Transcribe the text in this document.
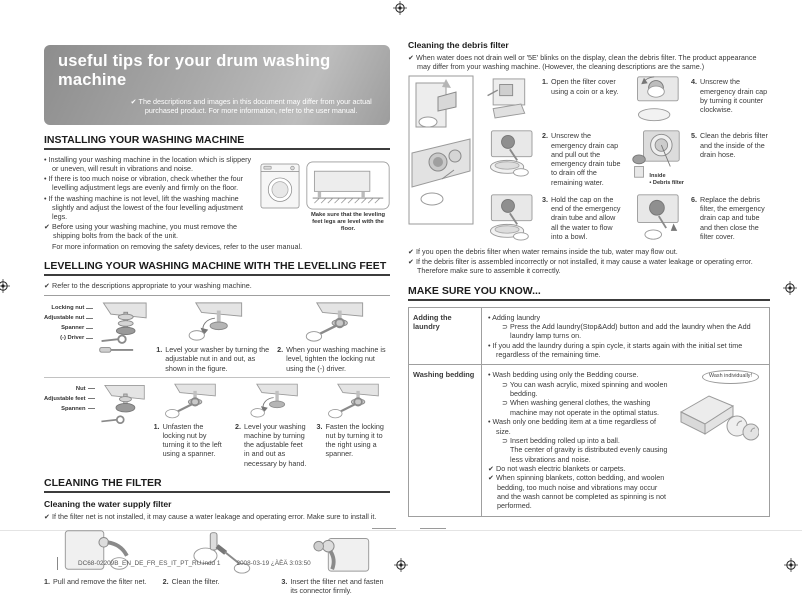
useful tips for your drum washing machine
✔ The descriptions and images in this document may differ from your actual purchased product. For more information, refer to the user manual.
INSTALLING YOUR WASHING MACHINE
• Installing your washing machine in the location which is slippery or uneven, will result in vibrations and noise.
• If there is too much noise or vibration, check whether the four levelling adjustment legs are evenly and firmly on the floor.
• If the washing machine is not level, lift the washing machine slightly and adjust the lowest of the four levelling adjustment legs.
✔ Before using your washing machine, you must remove the shipping bolts from the back of the unit.
Make sure that the leveling feet legs are level with the floor.
For more information on removing the safety devices, refer to the user manual.
LEVELLING YOUR WASHING MACHINE WITH THE LEVELLING FEET
✔ Refer to the descriptions appropriate to your washing machine.
Locking nut
Adjustable nut
Spanner
(-) Driver
1. Level your washer by turning the adjustable nut in and out, as shown in the figure.
2. When your washing machine is level, tighten the locking nut using the (-) driver.
Nut
Adjustable feet
Spannen
1. Unfasten the locking nut by turning it to the left using a spanner.
2. Level your washing machine by turning the adjustable feet in and out as necessary by hand.
3. Fasten the locking nut by turning it to the right using a spanner.
CLEANING THE FILTER
Cleaning the water supply filter
✔ If the filter net is not installed, it may cause a water leakage and operating error. Make sure to install it.
1. Pull and remove the filter net. 2. Clean the filter.	3. Insert the filter net and fasten its connector firmly.
Cleaning the debris filter
✔ When water does not drain well or '5E' blinks on the display, clean the debris filter. The product appearance may differ from your washing machine. (However, the cleaning descriptions are the same.)
1. Open the filter cover using a coin or a key.
4. Unscrew the emergency drain cap by turning it counter clockwise.
2. Unscrew the emergency drain cap and pull out the emergency drain tube to drain off the remaining water.
Inside
• Debris filter
5. Clean the debris filter and the inside of the drain hose.
3. Hold the cap on the end of the emergency drain tube and allow all the water to flow into a bowl.
6. Replace the debris filter, the emergency drain cap and tube and then close the filter cover.
✔ If you open the debris filter when water remains inside the tub, water may flow out.
✔ If the debris filter is assembled incorrectly or not installed, it may cause a water leakage or operating error. Therefore make sure to assemble it correctly.
MAKE SURE YOU KNOW...
Adding the laundry
• Adding laundry
⊃ Press the Add laundry(Stop&Add) button and add the laundry when the Add laundry lamp turns on.
• If you add the laundry during a spin cycle, it starts again with the initial set time regardless of the remaining time.
Washing bedding	• Wash bedding using only the Bedding course.
⊃ You can wash acrylic, mixed spinning and woolen bedding.
⊃ When washing general clothes, the washing machine may not operate in the optimal status.
• Wash only one bedding item at a time regardless of size.
⊃ Insert bedding rolled up into a ball.
The center of gravity is distributed evenly causing less vibrations and noise.
✔ Do not wash electric blankets or carpets.
✔ When spinning blankets, cotton bedding, and woolen bedding, too much noise and vibrations may occur and the wash cannot be completed as spinning is not performed.
Wash individually!
DC68-02209B_EN_DE_FR_ES_IT_PT_RU.indd 1	2008-03-19 ¿ÀÈÄ 3:03:50
